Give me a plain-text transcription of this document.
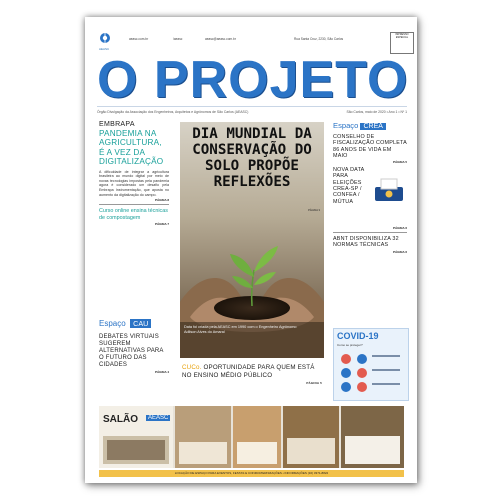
AEASC
aeasc.com.br	/aeasc	aeasc@aeasc.com.br	Rua Santa Cruz, 2230, São Carlos
IMPRESSO ESPECIAL
O PROJETO
Órgão Divulgação da Associação dos Engenheiros, Arquitetos e Agrônomos de São Carlos (AEASC)	São Carlos, maio de 2020 • Ano 1 • Nº 1
EMBRAPA
PANDEMIA NA AGRICULTURA, É A VEZ DA DIGITALIZAÇÃO
A dificuldade de integrar a agricultura brasileira ao mundo digital por meio de novas tecnologias impostas pela pandemia agora é considerado um desafio pela Embrapa Instrumentação, que aposta no aumento da digitalização do campo.
PÁGINA 8
Curso online ensina técnicas de compostagem
PÁGINA 7
Espaço CAU
DEBATES VIRTUAIS SUGEREM ALTERNATIVAS PARA O FUTURO DAS CIDADES
PÁGINA 4
DIA MUNDIAL DA CONSERVAÇÃO DO SOLO PROPÕE REFLEXÕES
PÁGINA 3
Data foi criada pela AEASC em 1990 com o Engenheiro Agrônomo Adilson Alves do Amaral
CUCo. OPORTUNIDADE PARA QUEM ESTÁ NO ENSINO MÉDIO PÚBLICO
PÁGINA 5
Espaço CREA
CONSELHO DE FISCALIZAÇÃO COMPLETA 86 ANOS DE VIDA EM MAIO
PÁGINA 5
NOVA DATA PARA ELEIÇÕES CREA-SP / CONFEA / MÚTUA
PÁGINA 6
ABNT DISPONIBILIZA 32 NORMAS TÉCNICAS
PÁGINA 6
COVID-19
Como se proteger?
SALÃO	AEASC
LOCAÇÃO DE ESPAÇO PARA EVENTOS, FESTAS E CONFRATERNIZAÇÕES • INFORMAÇÕES (16) 3371-8822
